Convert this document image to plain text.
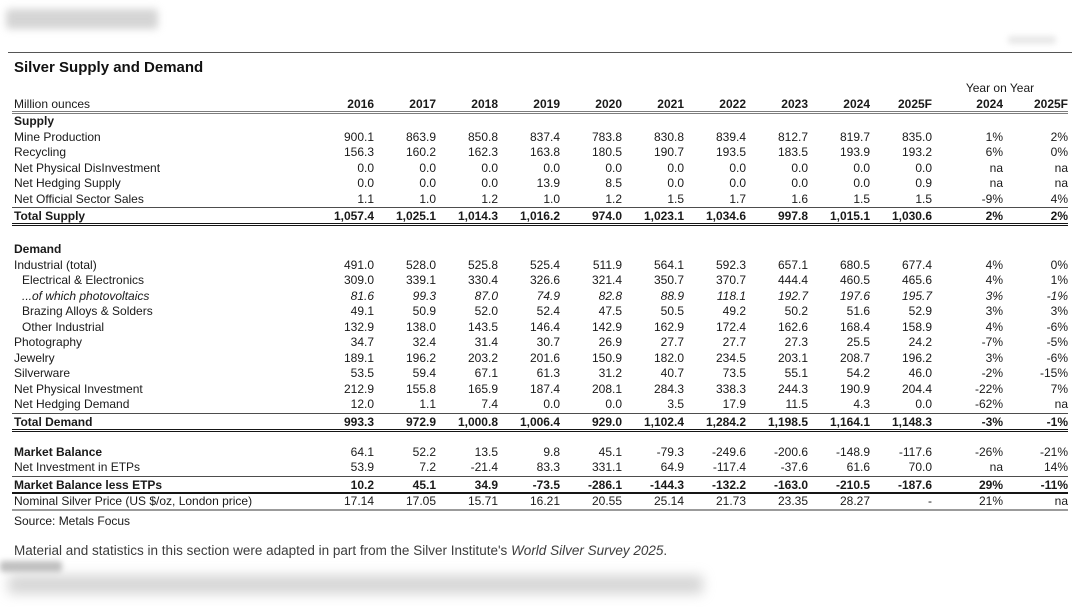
Silver Supply and Demand
Year on Year
Million ounces	2016	2017	2018	2019	2020	2021	2022	2023	2024	2025F	2024	2025F
Supply
Mine Production	900.1	863.9	850.8	837.4	783.8	830.8	839.4	812.7	819.7	835.0	1%	2%
Recycling	156.3	160.2	162.3	163.8	180.5	190.7	193.5	183.5	193.9	193.2	6%	0%
Net Physical DisInvestment	0.0	0.0	0.0	0.0	0.0	0.0	0.0	0.0	0.0	0.0	na	na
Net Hedging Supply	0.0	0.0	0.0	13.9	8.5	0.0	0.0	0.0	0.0	0.9	na	na
Net Official Sector Sales	1.1	1.0	1.2	1.0	1.2	1.5	1.7	1.6	1.5	1.5	-9%	4%
Total Supply	1,057.4	1,025.1	1,014.3	1,016.2	974.0	1,023.1	1,034.6	997.8	1,015.1	1,030.6	2%	2%
Demand
Industrial (total)	491.0	528.0	525.8	525.4	511.9	564.1	592.3	657.1	680.5	677.4	4%	0%
Electrical & Electronics	309.0	339.1	330.4	326.6	321.4	350.7	370.7	444.4	460.5	465.6	4%	1%
...of which photovoltaics	81.6	99.3	87.0	74.9	82.8	88.9	118.1	192.7	197.6	195.7	3%	-1%
Brazing Alloys & Solders	49.1	50.9	52.0	52.4	47.5	50.5	49.2	50.2	51.6	52.9	3%	3%
Other Industrial	132.9	138.0	143.5	146.4	142.9	162.9	172.4	162.6	168.4	158.9	4%	-6%
Photography	34.7	32.4	31.4	30.7	26.9	27.7	27.7	27.3	25.5	24.2	-7%	-5%
Jewelry	189.1	196.2	203.2	201.6	150.9	182.0	234.5	203.1	208.7	196.2	3%	-6%
Silverware	53.5	59.4	67.1	61.3	31.2	40.7	73.5	55.1	54.2	46.0	-2%	-15%
Net Physical Investment	212.9	155.8	165.9	187.4	208.1	284.3	338.3	244.3	190.9	204.4	-22%	7%
Net Hedging Demand	12.0	1.1	7.4	0.0	0.0	3.5	17.9	11.5	4.3	0.0	-62%	na
Total Demand	993.3	972.9	1,000.8	1,006.4	929.0	1,102.4	1,284.2	1,198.5	1,164.1	1,148.3	-3%	-1%
Market Balance	64.1	52.2	13.5	9.8	45.1	-79.3	-249.6	-200.6	-148.9	-117.6	-26%	-21%
Net Investment in ETPs	53.9	7.2	-21.4	83.3	331.1	64.9	-117.4	-37.6	61.6	70.0	na	14%
Market Balance less ETPs	10.2	45.1	34.9	-73.5	-286.1	-144.3	-132.2	-163.0	-210.5	-187.6	29%	-11%
Nominal Silver Price (US $/oz, London price)	17.14	17.05	15.71	16.21	20.55	25.14	21.73	23.35	28.27	-	21%	na
Source: Metals Focus
Material and statistics in this section were adapted in part from the Silver Institute's World Silver Survey 2025.
